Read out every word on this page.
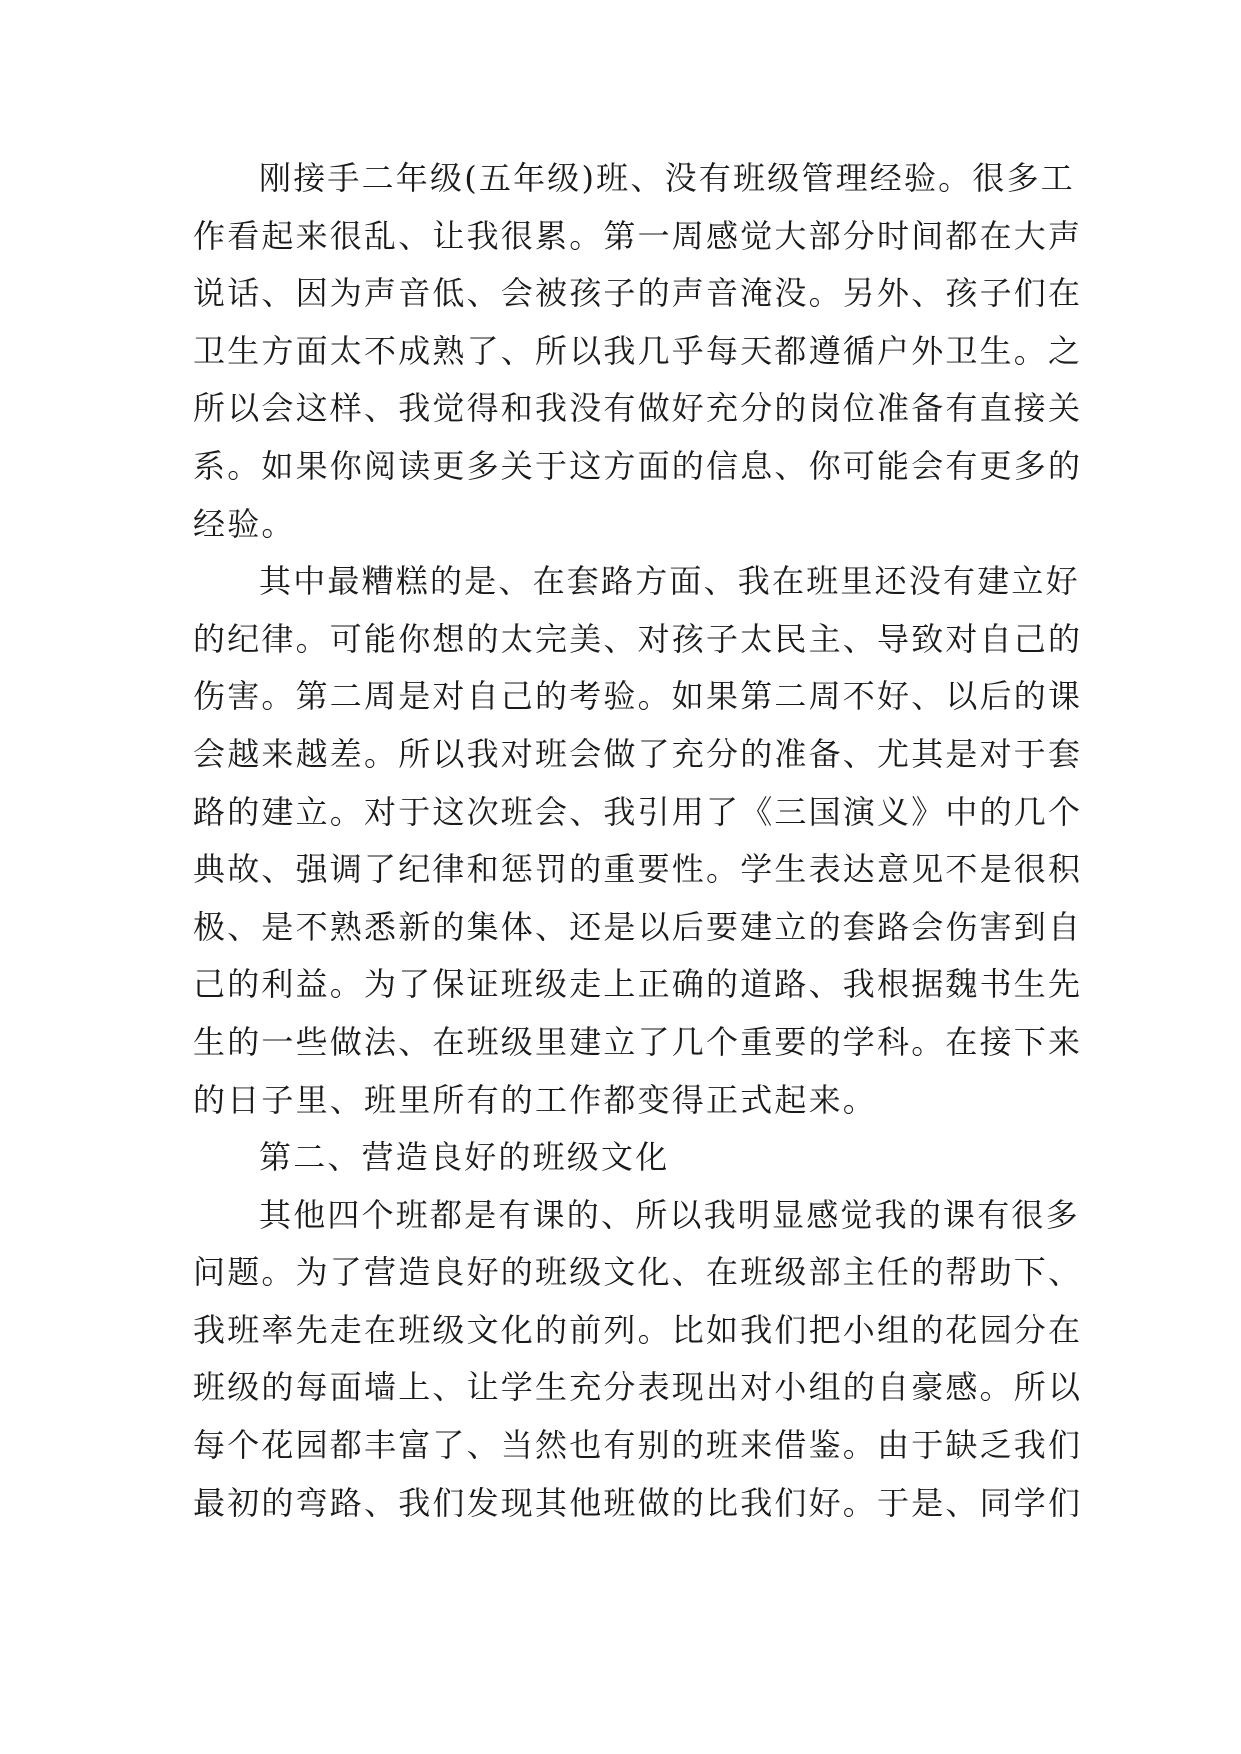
刚接手二年级(五年级)班、没有班级管理经验。很多工
作看起来很乱、让我很累。第一周感觉大部分时间都在大声
说话、因为声音低、会被孩子的声音淹没。另外、孩子们在
卫生方面太不成熟了、所以我几乎每天都遵循户外卫生。之
所以会这样、我觉得和我没有做好充分的岗位准备有直接关
系。如果你阅读更多关于这方面的信息、你可能会有更多的
经验。
其中最糟糕的是、在套路方面、我在班里还没有建立好
的纪律。可能你想的太完美、对孩子太民主、导致对自己的
伤害。第二周是对自己的考验。如果第二周不好、以后的课
会越来越差。所以我对班会做了充分的准备、尤其是对于套
路的建立。对于这次班会、我引用了《三国演义》中的几个
典故、强调了纪律和惩罚的重要性。学生表达意见不是很积
极、是不熟悉新的集体、还是以后要建立的套路会伤害到自
己的利益。为了保证班级走上正确的道路、我根据魏书生先
生的一些做法、在班级里建立了几个重要的学科。在接下来
的日子里、班里所有的工作都变得正式起来。
第二、营造良好的班级文化
其他四个班都是有课的、所以我明显感觉我的课有很多
问题。为了营造良好的班级文化、在班级部主任的帮助下、
我班率先走在班级文化的前列。比如我们把小组的花园分在
班级的每面墙上、让学生充分表现出对小组的自豪感。所以
每个花园都丰富了、当然也有别的班来借鉴。由于缺乏我们
最初的弯路、我们发现其他班做的比我们好。于是、同学们
